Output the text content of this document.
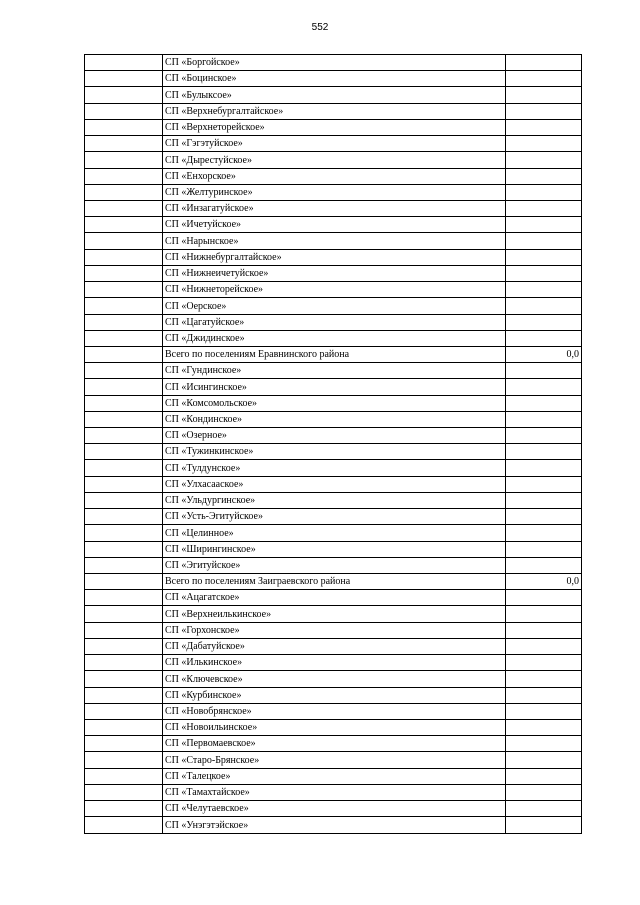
552
	СП «Боргойское»	
	СП «Боцинское»	
	СП «Булыксое»	
	СП «Верхнебургалтайское»	
	СП «Верхнеторейское»	
	СП «Гэгэтуйское»	
	СП «Дырестуйское»	
	СП «Енхорское»	
	СП «Желтуринское»	
	СП «Инзагатуйское»	
	СП «Ичетуйское»	
	СП «Нарынское»	
	СП «Нижнебургалтайское»	
	СП «Нижнеичетуйское»	
	СП «Нижнеторейское»	
	СП «Оерское»	
	СП «Цагатуйское»	
	СП «Джидинское»	
	Всего по поселениям Еравнинского района	0,0
	СП «Гундинское»	
	СП «Исингинское»	
	СП «Комсомольское»	
	СП «Кондинское»	
	СП «Озерное»	
	СП «Тужинкинское»	
	СП «Тулдунское»	
	СП «Улхасааское»	
	СП «Ульдургинское»	
	СП «Усть-Эгитуйское»	
	СП «Целинное»	
	СП «Ширингинское»	
	СП «Эгитуйское»	
	Всего по поселениям Заиграевского района	0,0
	СП «Ацагатское»	
	СП «Верхнеилькинское»	
	СП «Горхонское»	
	СП «Дабатуйское»	
	СП «Илькинское»	
	СП «Ключевское»	
	СП «Курбинское»	
	СП «Новобрянское»	
	СП «Новоильинское»	
	СП «Первомаевское»	
	СП «Старо-Брянское»	
	СП «Талецкое»	
	СП «Тамахтайское»	
	СП «Челутаевское»	
	СП «Унэгэтэйское»	
